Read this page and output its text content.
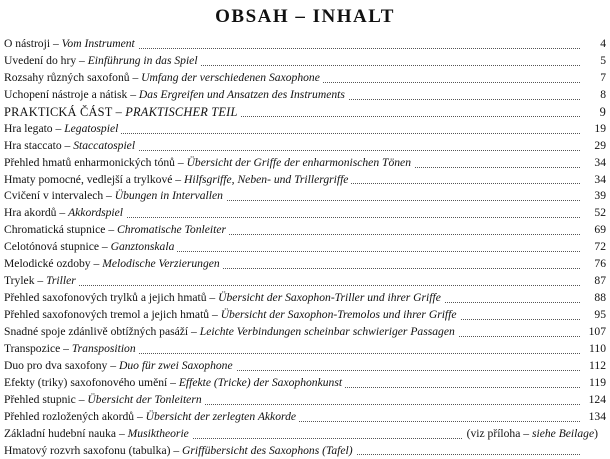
OBSAH – INHALT
O nástroji – Vom Instrument	4
Uvedení do hry – Einführung in das Spiel	5
Rozsahy různých saxofonů – Umfang der verschiedenen Saxophone	7
Uchopení nástroje a nátisk – Das Ergreifen und Ansatzen des Instruments	8
PRAKTICKÁ ČÁST – PRAKTISCHER TEIL	9
Hra legato – Legatospiel	19
Hra staccato – Staccatospiel	29
Přehled hmatů enharmonických tónů – Übersicht der Griffe der enharmonischen Tönen	34
Hmaty pomocné, vedlejší a trylkové – Hilfsgriffe, Neben- und Trillergriffe	34
Cvičení v intervalech – Übungen in Intervallen	39
Hra akordů – Akkordspiel	52
Chromatická stupnice – Chromatische Tonleiter	69
Celotónová stupnice – Ganztonskala	72
Melodické ozdoby – Melodische Verzierungen	76
Trylek – Triller	87
Přehled saxofonových trylků a jejich hmatů – Übersicht der Saxophon-Triller und ihrer Griffe	88
Přehled saxofonových tremol a jejich hmatů – Übersicht der Saxophon-Tremolos und ihrer Griffe	95
Snadné spoje zdánlivě obtížných pasáží – Leichte Verbindungen scheinbar schwieriger Passagen	107
Transpozice – Transposition	110
Duo pro dva saxofony – Duo für zwei Saxophone	112
Efekty (triky) saxofonového umění – Effekte (Tricke) der Saxophonkunst	119
Přehled stupnic – Übersicht der Tonleitern	124
Přehled rozložených akordů – Übersicht der zerlegten Akkorde	134
Základní hudební nauka – Musiktheorie	(viz příloha – siehe Beilage)
Hmatový rozvrh saxofonu (tabulka) – Griffübersicht des Saxophons (Tafel)
